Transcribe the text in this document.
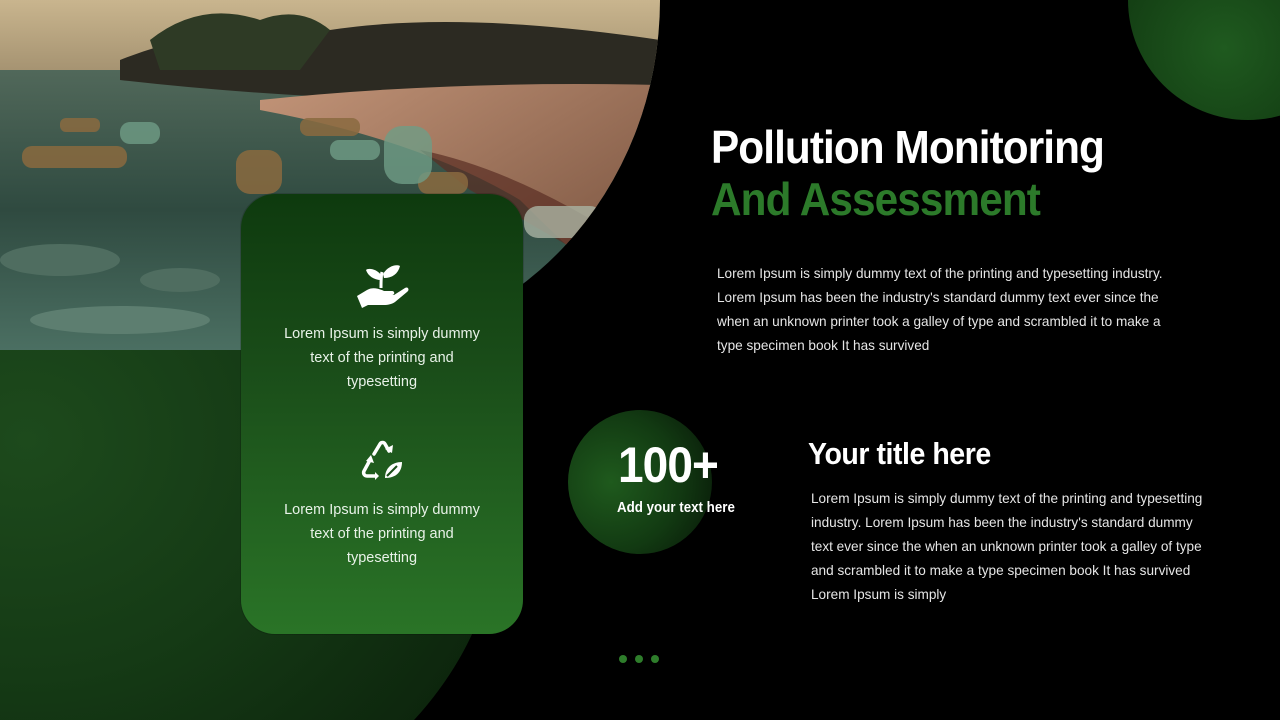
Lorem Ipsum is simply dummy text of the printing and typesetting
Lorem Ipsum is simply dummy text of the printing and typesetting
Pollution Monitoring
And Assessment
Lorem Ipsum is simply dummy text of the printing and typesetting industry. Lorem Ipsum has been the industry's standard dummy text ever since the when an unknown printer took a galley of type and scrambled it to make a type specimen book It has survived
100+
Add your text here
Your title here
Lorem Ipsum is simply dummy text of the printing and typesetting industry. Lorem Ipsum has been the industry's standard dummy text ever since the when an unknown printer took a galley of type and scrambled it to make a type specimen book It has survived Lorem Ipsum is simply
